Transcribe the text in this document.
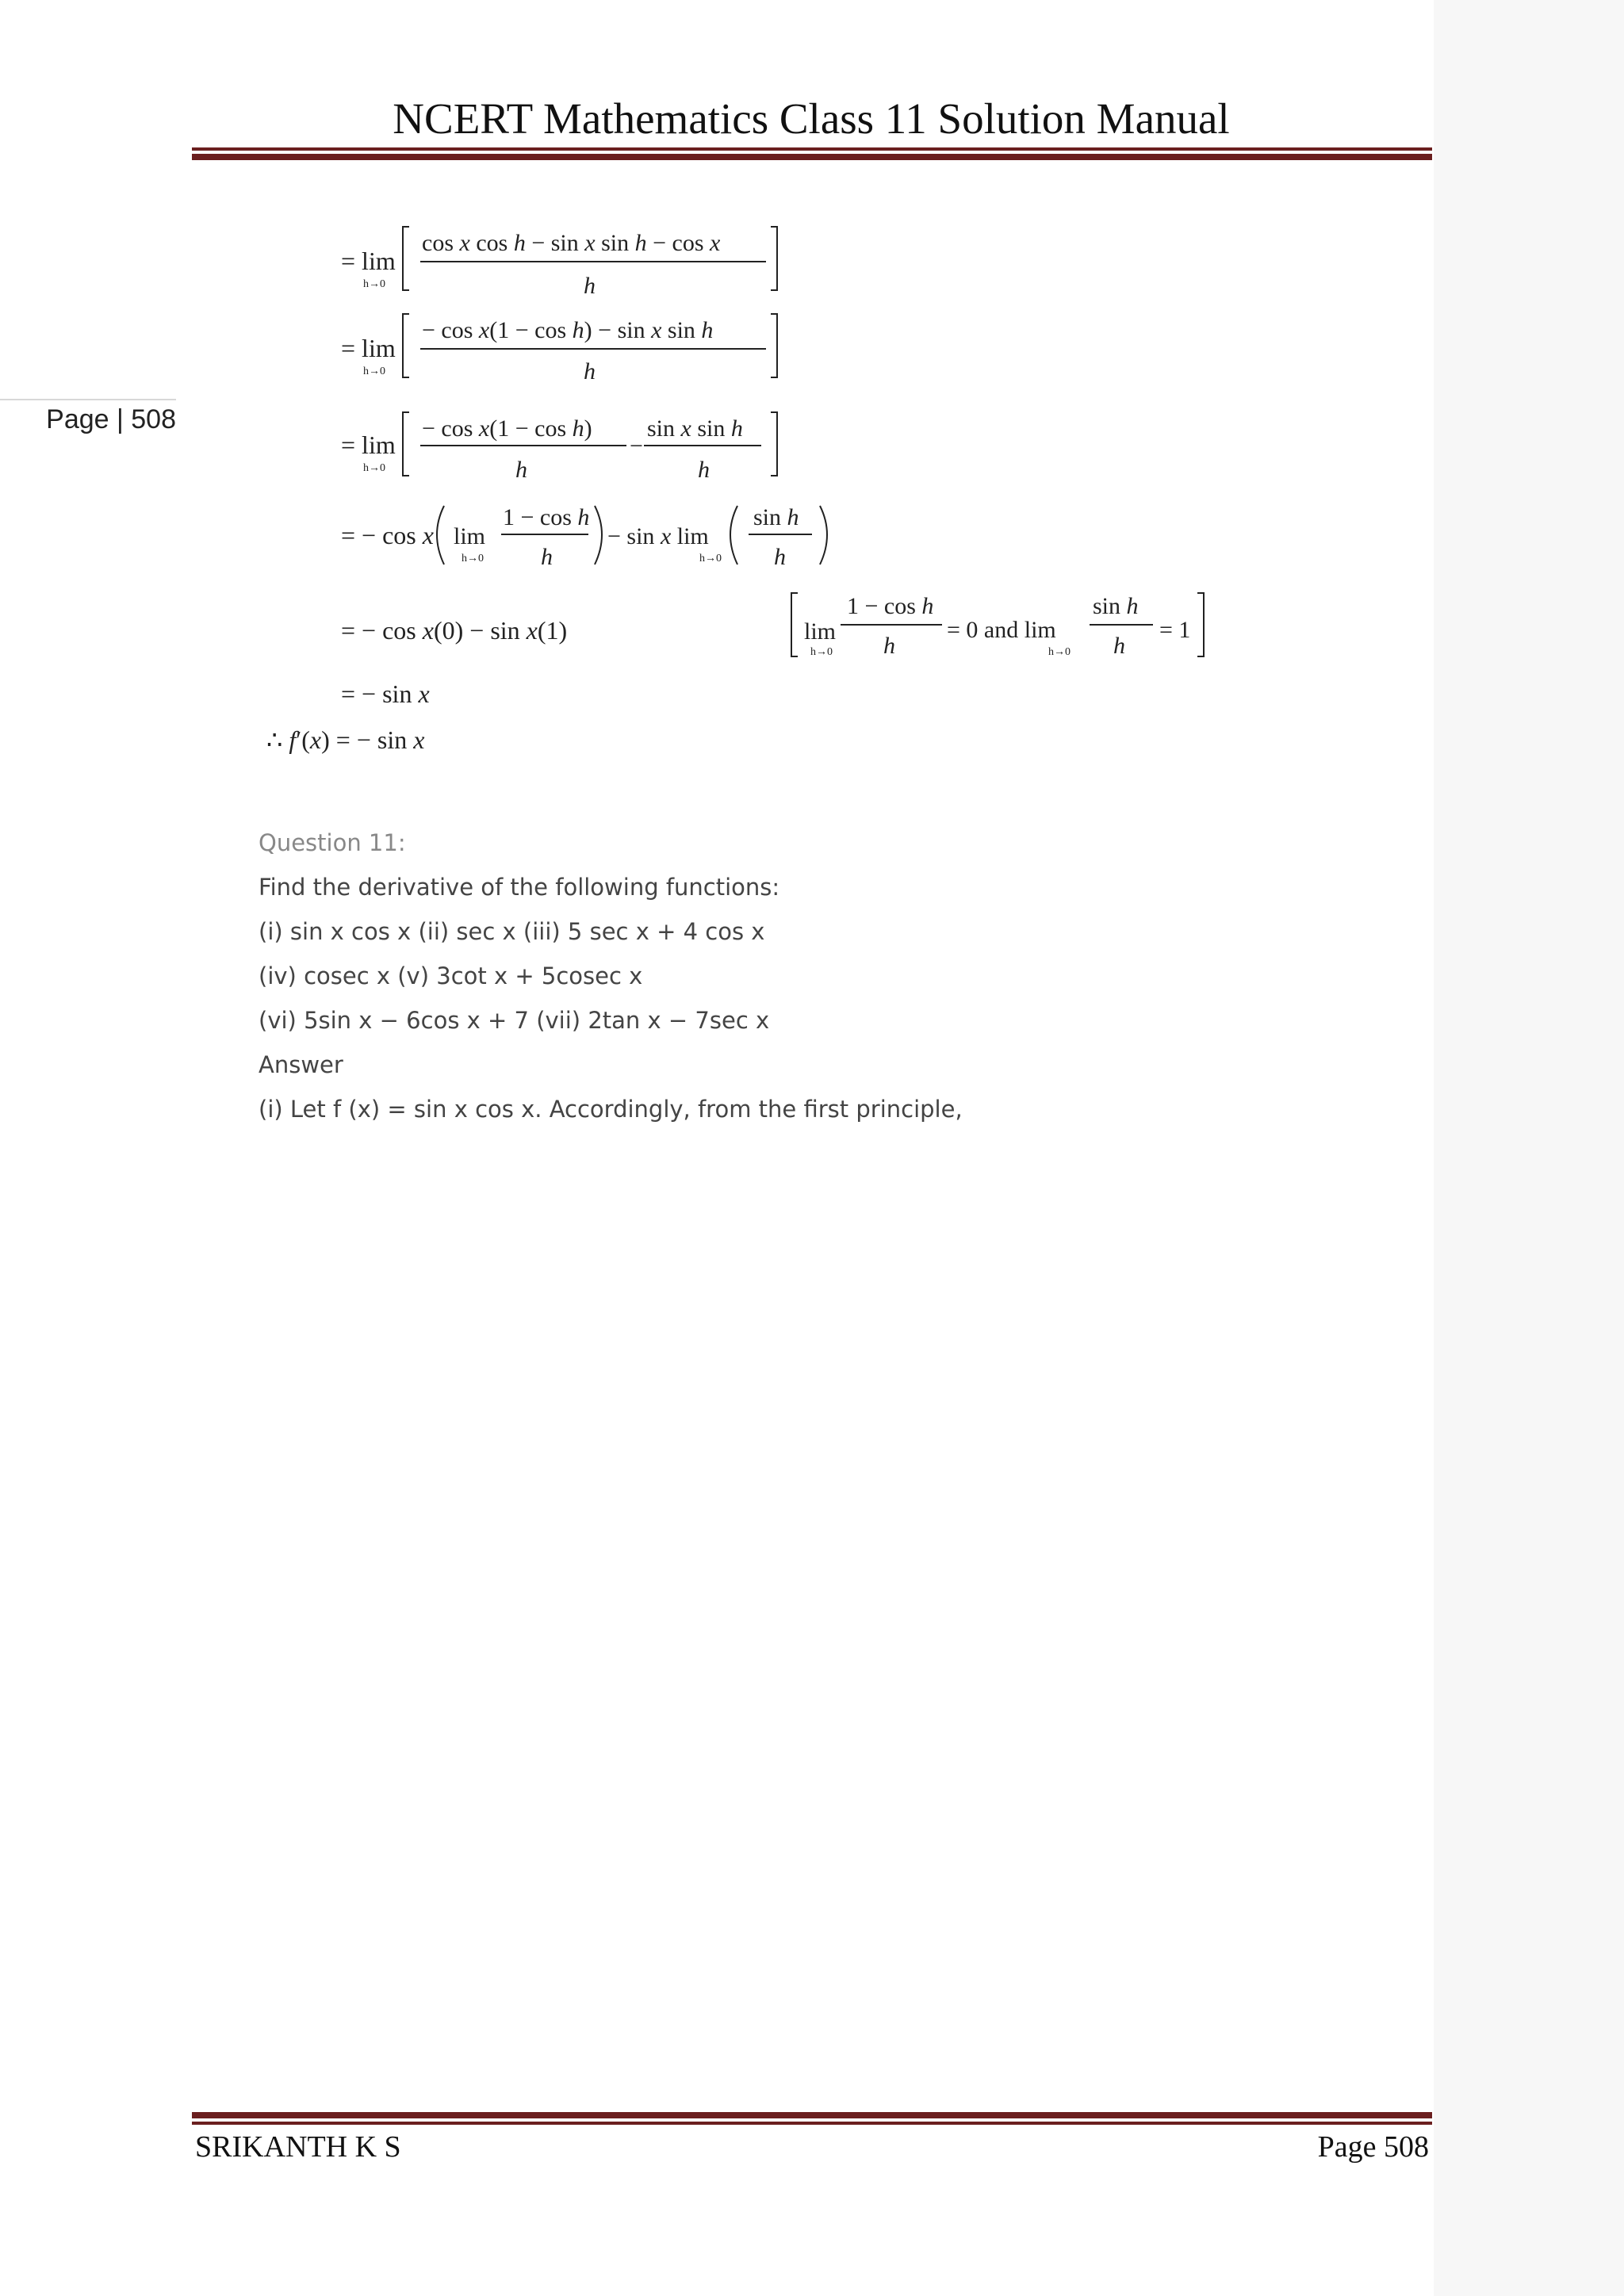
NCERT Mathematics Class 11 Solution Manual
Page | 508
= lim
h→0
cos x cos h − sin x sin h − cos x
h
= lim
h→0
− cos x(1 − cos h) − sin x sin h
h
= lim
h→0
− cos x(1 − cos h)
h
−
sin x sin h
h
= − cos x lim
h→0
1 − cos h
h
− sin x lim
h→0
sin h
h
= − cos x(0) − sin x(1)	lim
h→0
1 − cos h
h
= 0 and lim
h→0
sin h
h
= 1
= − sin x
∴ f′(x) = − sin x
Question 11:
Find the derivative of the following functions:
(i) sin x cos x (ii) sec x (iii) 5 sec x + 4 cos x
(iv) cosec x (v) 3cot x + 5cosec x
(vi) 5sin x − 6cos x + 7 (vii) 2tan x − 7sec x
Answer
(i) Let f (x) = sin x cos x. Accordingly, from the first principle,
SRIKANTH K S	Page 508
